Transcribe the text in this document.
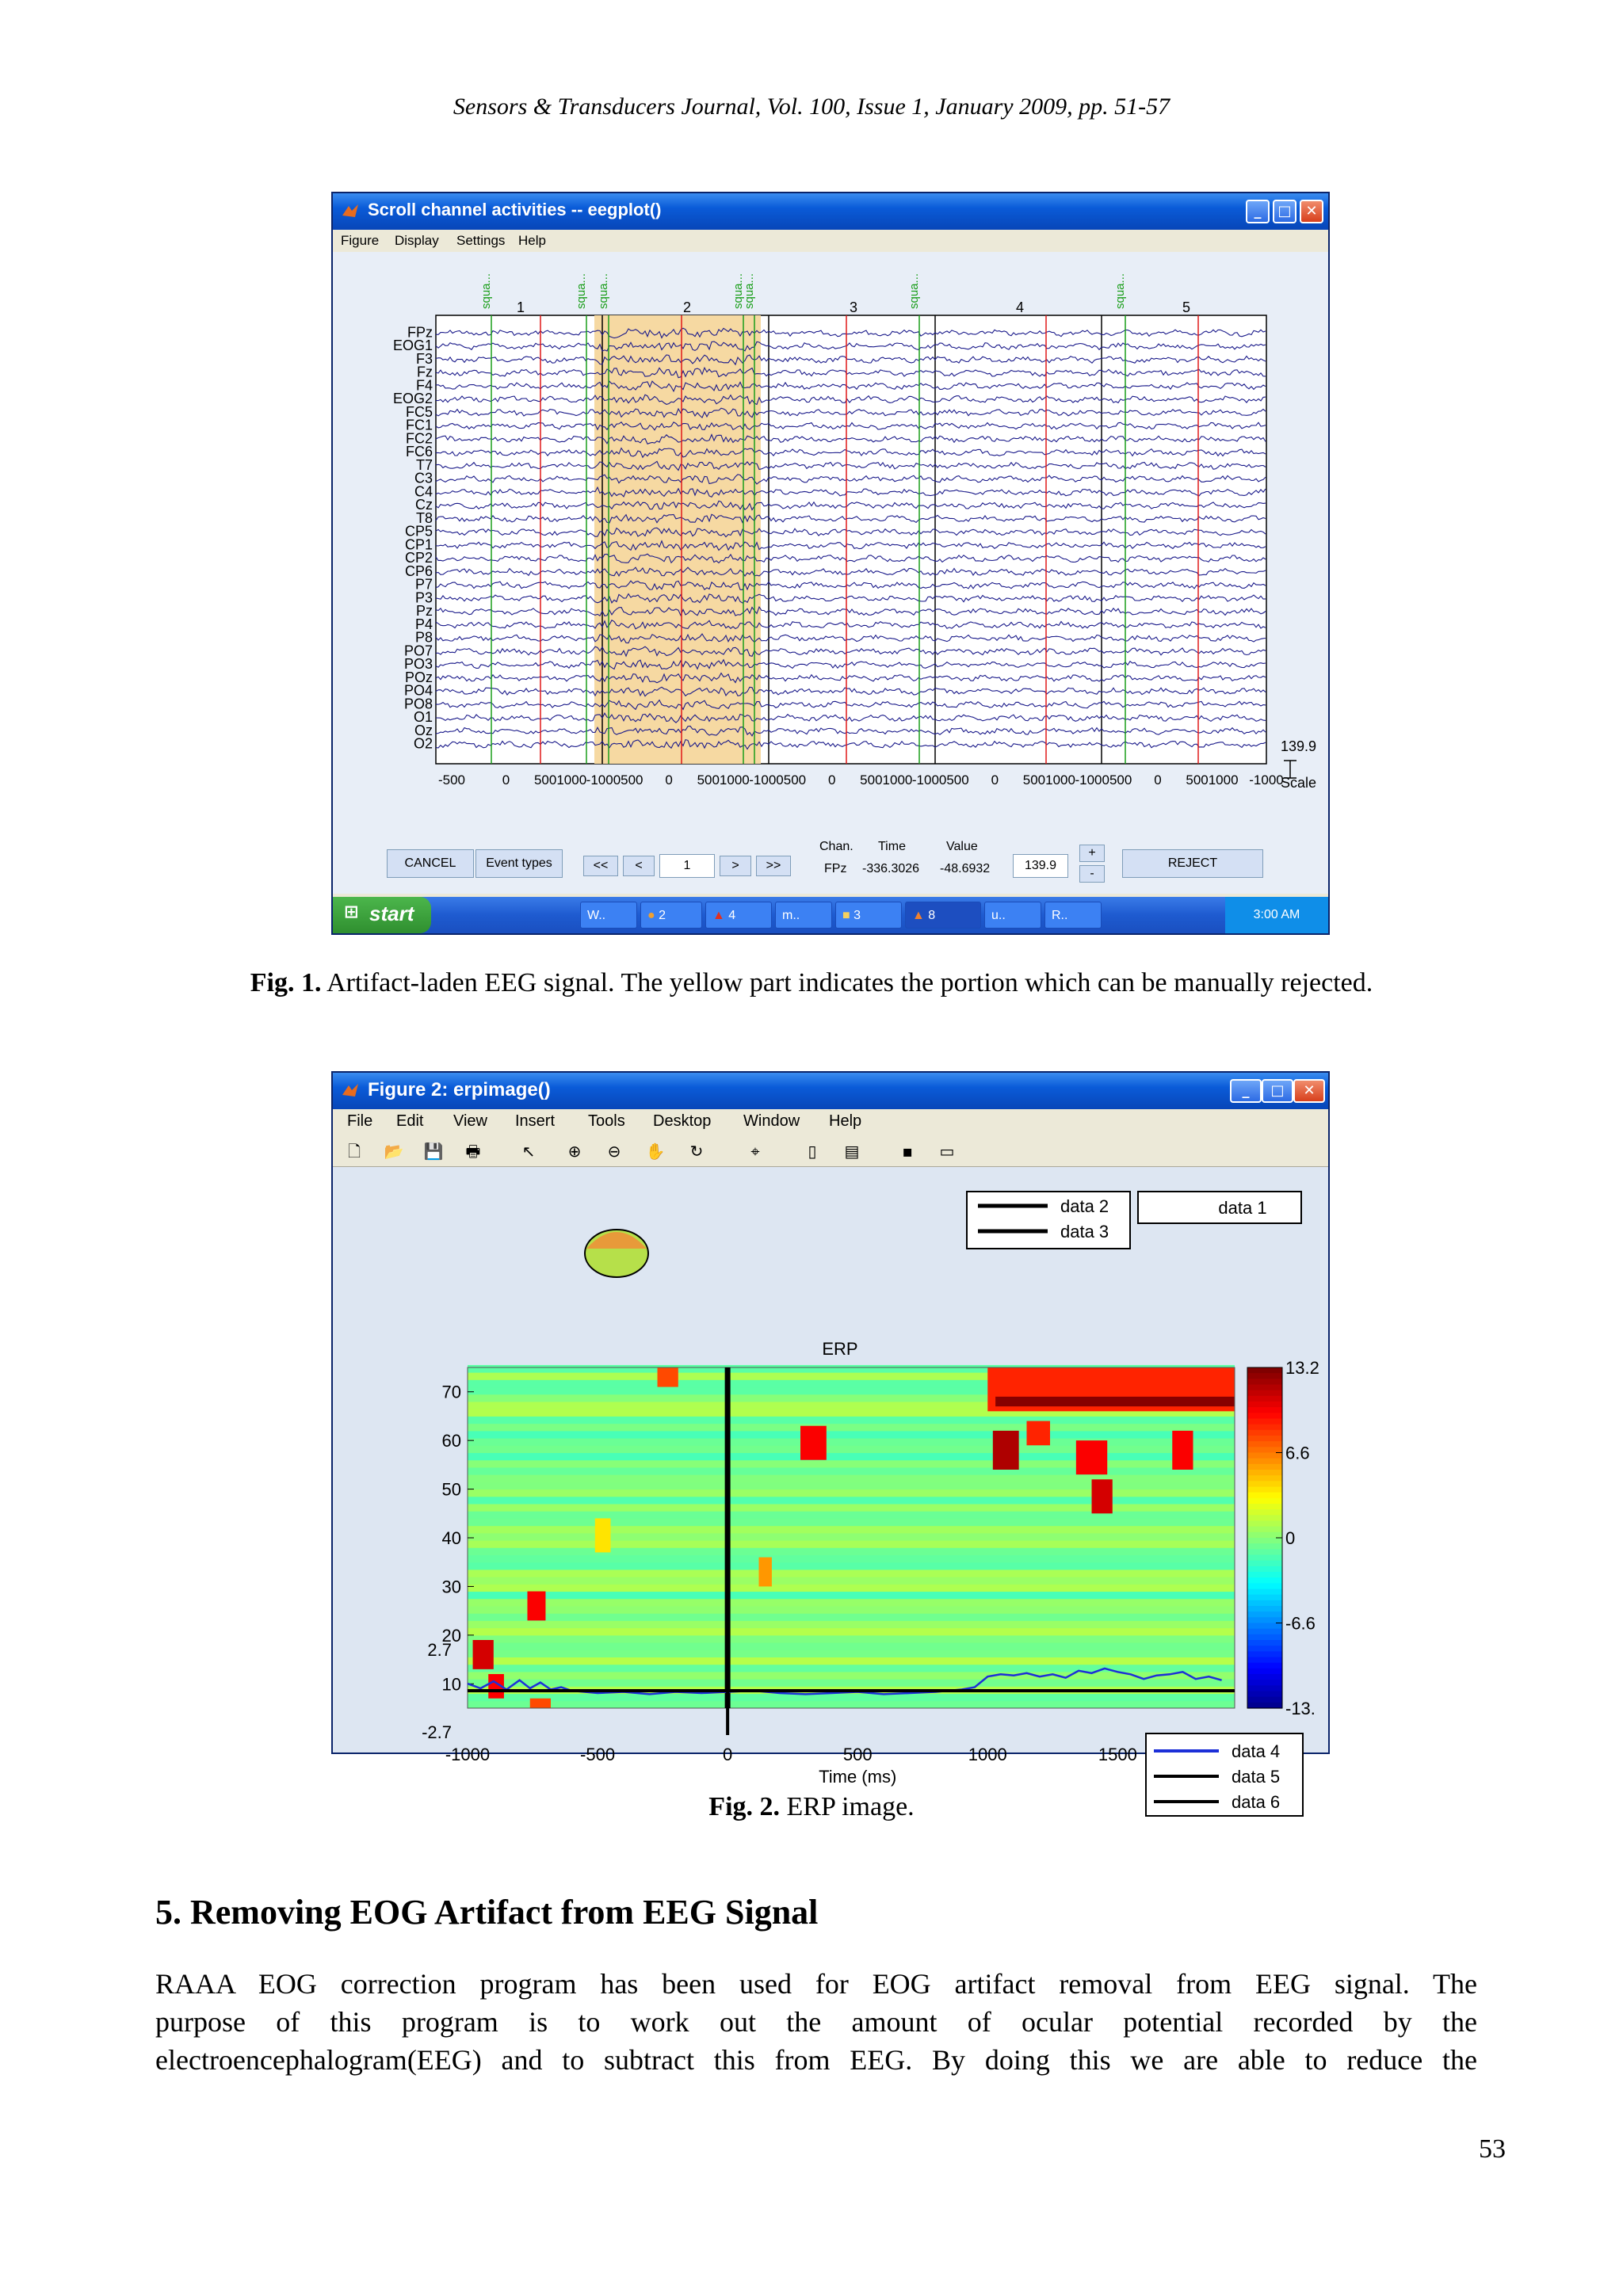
Sensors & Transducers Journal, Vol. 100, Issue 1, January 2009, pp. 51-57
Scroll channel activities -- eegplot()	_	□ ✕
Figure Display Settings Help
FPz
EOG1
F3
Fz
F4
EOG2
FC5
FC1
FC2
FC6
T7
C3
C4
Cz
T8
CP5
CP1
CP2
CP6
P7
P3
Pz
P4
P8
PO7
PO3
POz
PO4
PO8
O1
Oz
O2
squa...	squa... squa...	squa...
squa...	squa...	squa...
1	2	3	4	5
-500	0 5001000 -1000500 0 5001000 -1000500 0 5001000 -1000500 0 5001000 -1000500 0 5001000 -1000
139.9
Scale
CANCEL	Event types	<<	<	1	>	>>
Chan. Time	Value
FPz -336.3026 -48.6932	139.9
+
-
REJECT
⊞ start	W..	● 2	▲ 4	m..	■ 3	▲ 8	u..	R..	3:00 AM
Fig. 1. Artifact-laden EEG signal. The yellow part indicates the portion which can be manually rejected.
Figure 2: erpimage()	_	□	✕
File Edit View Insert Tools Desktop Window Help
🗋 📂 💾 🖶	↖ ⊕ ⊖ ✋ ↻	⌖	▯	▤	▪	▭
10
20
30
40
50
60
70
ERP
data 2
data 3
data 1
13.2
6.6
0
-6.6
-13.
2.7
-2.7
-1000	-500	0	500	1000	1500
Time (ms)
data 4
data 5
data 6
Fig. 2. ERP image.
5. Removing EOG Artifact from EEG Signal
RAAA EOG correction program has been used for EOG artifact removal from EEG signal. The
purpose of this program is to work out the amount of ocular potential recorded by the
electroencephalogram(EEG) and to subtract this from EEG. By doing this we are able to reduce the
53
